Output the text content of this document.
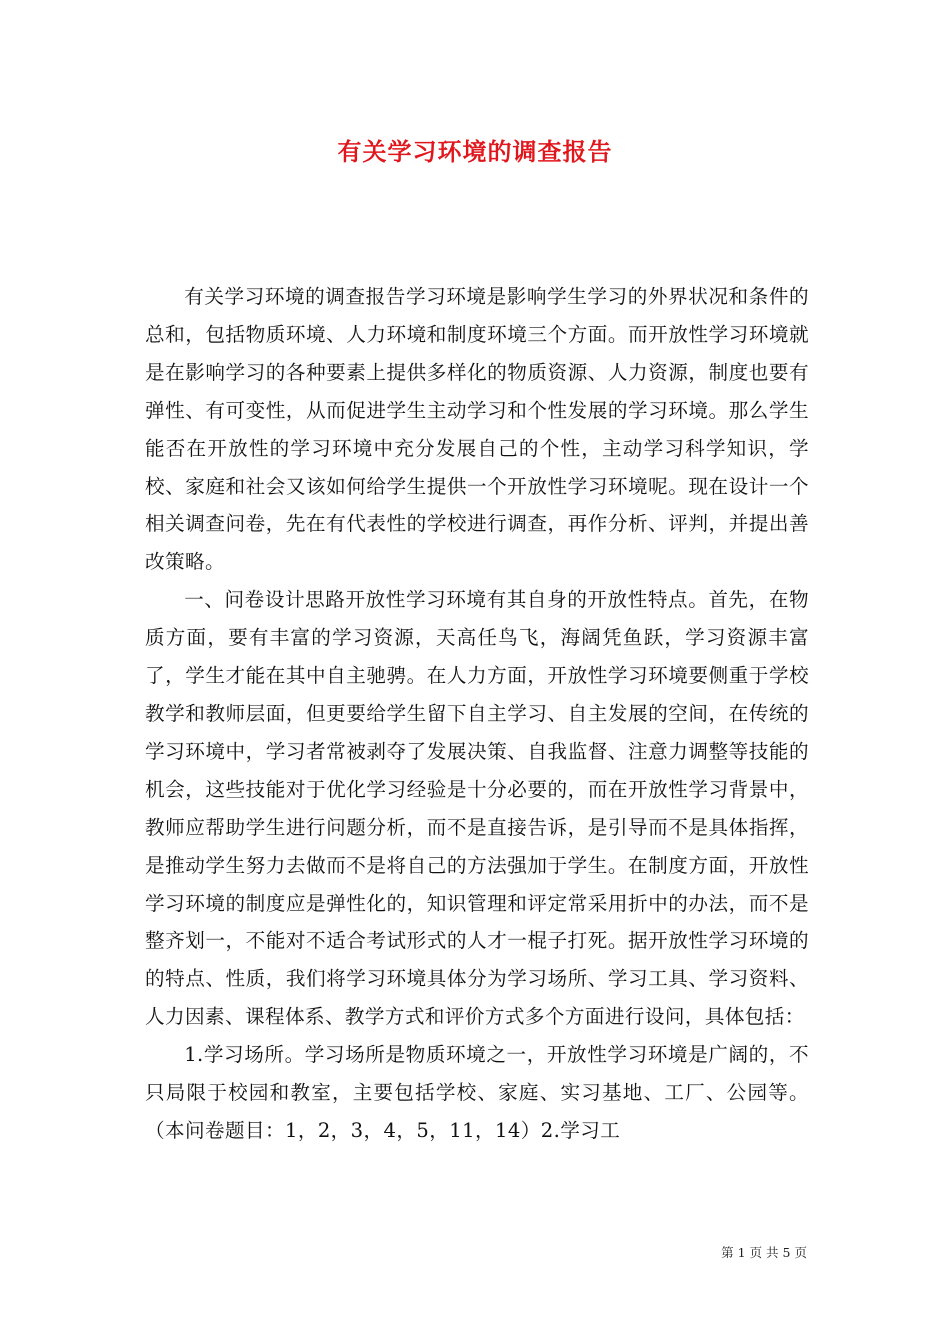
有关学习环境的调查报告

有关学习环境的调查报告学习环境是影响学生学习的外界状况和条件的总和，包括物质环境、人力环境和制度环境三个方面。而开放性学习环境就是在影响学习的各种要素上提供多样化的物质资源、人力资源，制度也要有弹性、有可变性，从而促进学生主动学习和个性发展的学习环境。那么学生能否在开放性的学习环境中充分发展自己的个性，主动学习科学知识，学校、家庭和社会又该如何给学生提供一个开放性学习环境呢。现在设计一个相关调查问卷，先在有代表性的学校进行调查，再作分析、评判，并提出善改策略。

一、问卷设计思路开放性学习环境有其自身的开放性特点。首先，在物质方面，要有丰富的学习资源，天高任鸟飞，海阔凭鱼跃，学习资源丰富了，学生才能在其中自主驰骋。在人力方面，开放性学习环境要侧重于学校教学和教师层面，但更要给学生留下自主学习、自主发展的空间，在传统的学习环境中，学习者常被剥夺了发展决策、自我监督、注意力调整等技能的机会，这些技能对于优化学习经验是十分必要的，而在开放性学习背景中，教师应帮助学生进行问题分析，而不是直接告诉，是引导而不是具体指挥，是推动学生努力去做而不是将自己的方法强加于学生。在制度方面，开放性学习环境的制度应是弹性化的，知识管理和评定常采用折中的办法，而不是整齐划一，不能对不适合考试形式的人才一棍子打死。据开放性学习环境的的特点、性质，我们将学习环境具体分为学习场所、学习工具、学习资料、人力因素、课程体系、教学方式和评价方式多个方面进行设问，具体包括：

1.学习场所。学习场所是物质环境之一，开放性学习环境是广阔的，不只局限于校园和教室，主要包括学校、家庭、实习基地、工厂、公园等。（本问卷题目：1，2，3，4，5，11，14）2.学习工

第 1 页 共 5 页
